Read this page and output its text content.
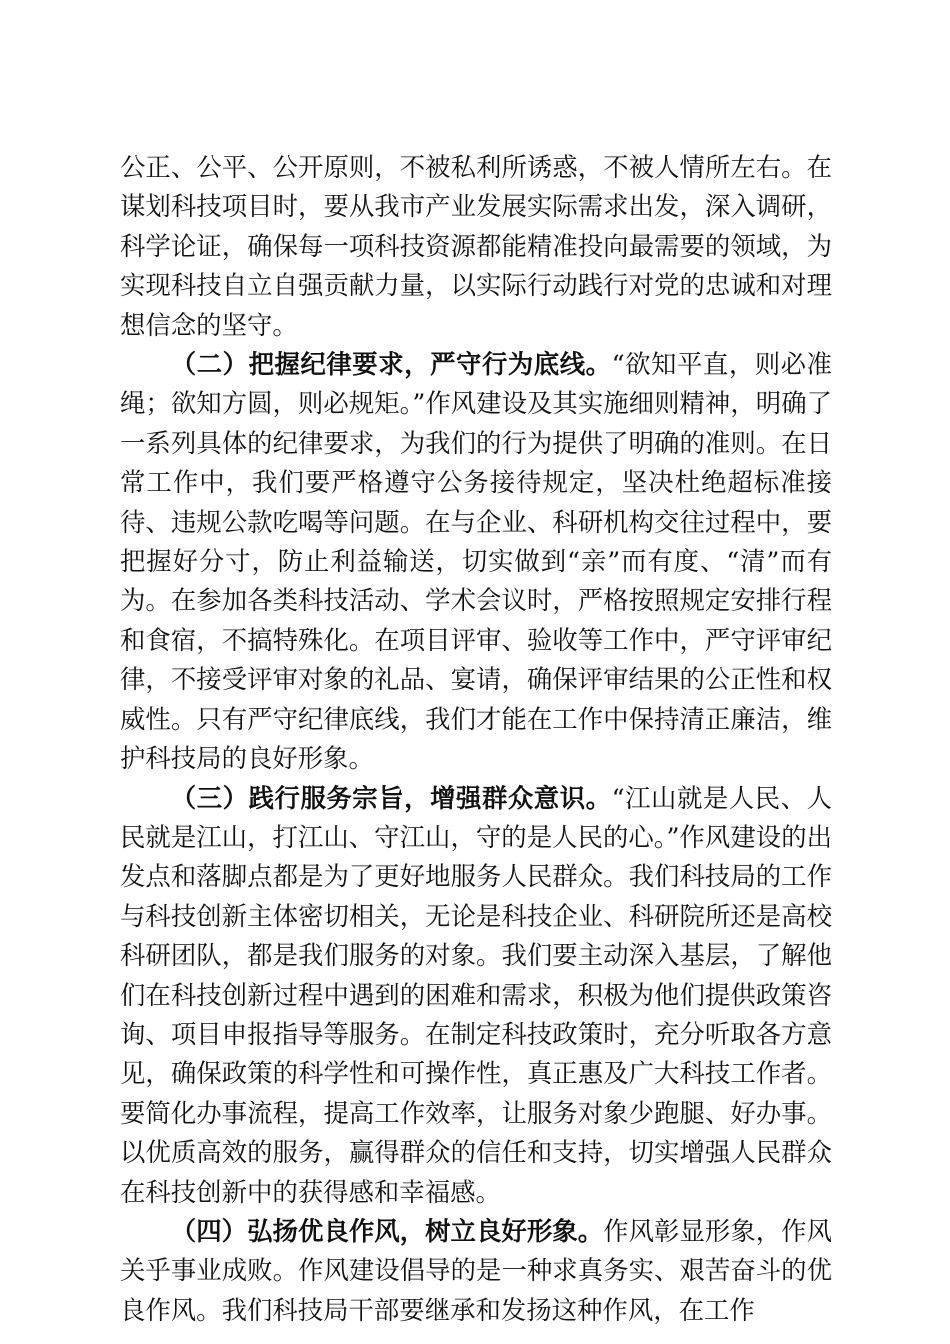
公正、公平、公开原则，不被私利所诱惑，不被人情所左右。在谋划科技项目时，要从我市产业发展实际需求出发，深入调研，科学论证，确保每一项科技资源都能精准投向最需要的领域，为实现科技自立自强贡献力量，以实际行动践行对党的忠诚和对理想信念的坚守。

（二）把握纪律要求，严守行为底线。“欲知平直，则必准绳；欲知方圆，则必规矩。”作风建设及其实施细则精神，明确了一系列具体的纪律要求，为我们的行为提供了明确的准则。在日常工作中，我们要严格遵守公务接待规定，坚决杜绝超标准接待、违规公款吃喝等问题。在与企业、科研机构交往过程中，要把握好分寸，防止利益输送，切实做到“亲”而有度、“清”而有为。在参加各类科技活动、学术会议时，严格按照规定安排行程和食宿，不搞特殊化。在项目评审、验收等工作中，严守评审纪律，不接受评审对象的礼品、宴请，确保评审结果的公正性和权威性。只有严守纪律底线，我们才能在工作中保持清正廉洁，维护科技局的良好形象。

（三）践行服务宗旨，增强群众意识。“江山就是人民、人民就是江山，打江山、守江山，守的是人民的心。”作风建设的出发点和落脚点都是为了更好地服务人民群众。我们科技局的工作与科技创新主体密切相关，无论是科技企业、科研院所还是高校科研团队，都是我们服务的对象。我们要主动深入基层，了解他们在科技创新过程中遇到的困难和需求，积极为他们提供政策咨询、项目申报指导等服务。在制定科技政策时，充分听取各方意见，确保政策的科学性和可操作性，真正惠及广大科技工作者。要简化办事流程，提高工作效率，让服务对象少跑腿、好办事。以优质高效的服务，赢得群众的信任和支持，切实增强人民群众在科技创新中的获得感和幸福感。

（四）弘扬优良作风，树立良好形象。作风彰显形象，作风关乎事业成败。作风建设倡导的是一种求真务实、艰苦奋斗的优良作风。我们科技局干部要继承和发扬这种作风，在工作
